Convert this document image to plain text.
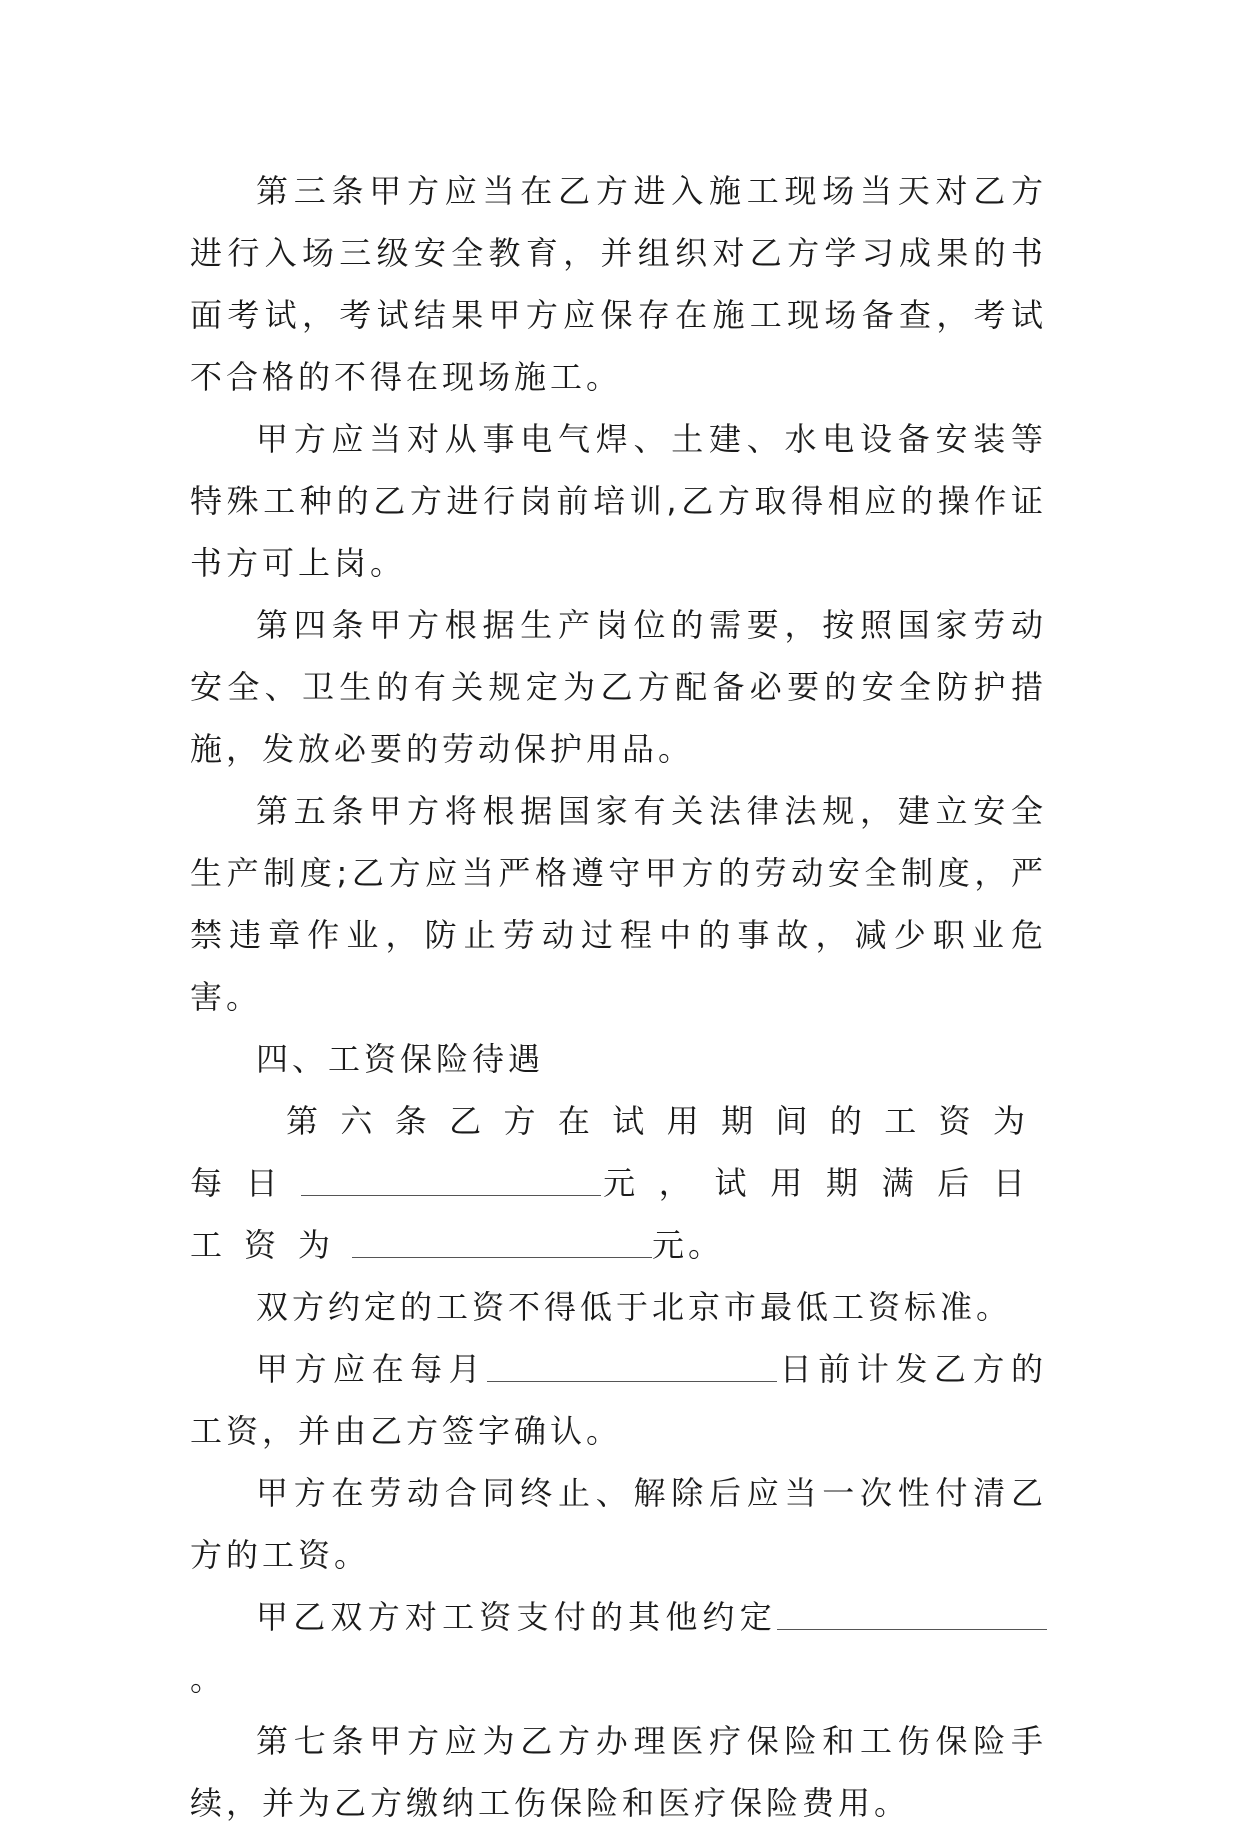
第三条甲方应当在乙方进入施工现场当天对乙方进行入场三级安全教育，并组织对乙方学习成果的书面考试，考试结果甲方应保存在施工现场备查，考试不合格的不得在现场施工。

甲方应当对从事电气焊、土建、水电设备安装等特殊工种的乙方进行岗前培训,乙方取得相应的操作证书方可上岗。

第四条甲方根据生产岗位的需要，按照国家劳动安全、卫生的有关规定为乙方配备必要的安全防护措施，发放必要的劳动保护用品。

第五条甲方将根据国家有关法律法规，建立安全生产制度;乙方应当严格遵守甲方的劳动安全制度，严禁违章作业，防止劳动过程中的事故，减少职业危害。

四、工资保险待遇

第六条乙方在试用期间的工资为每日	元，试用期满后日工资为	元。

双方约定的工资不得低于北京市最低工资标准。

甲方应在每月	日前计发乙方的工资，并由乙方签字确认。

甲方在劳动合同终止、解除后应当一次性付清乙方的工资。

甲乙双方对工资支付的其他约定。

第七条甲方应为乙方办理医疗保险和工伤保险手续，并为乙方缴纳工伤保险和医疗保险费用。
